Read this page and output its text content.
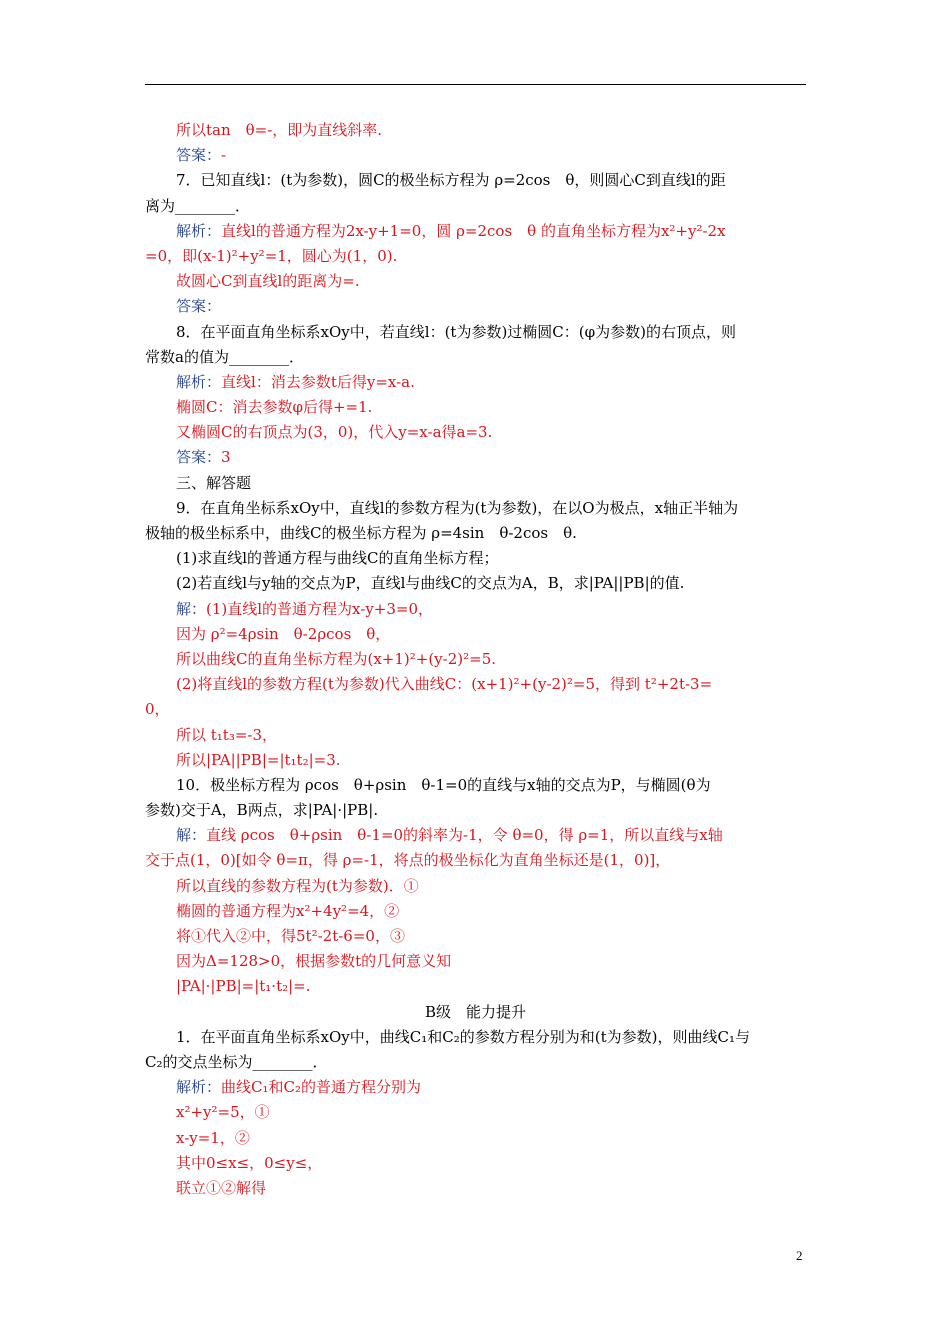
所以tan　θ=-，即为直线斜率.
答案：-
7．已知直线l：(t为参数)，圆C的极坐标方程为 ρ=2cos　θ，则圆心C到直线l的距
离为________．
解析：直线l的普通方程为2x-y+1=0，圆 ρ=2cos　θ 的直角坐标方程为x²+y²-2x
=0，即(x-1)²+y²=1，圆心为(1，0).
故圆心C到直线l的距离为=.
答案：
8．在平面直角坐标系xOy中，若直线l：(t为参数)过椭圆C：(φ为参数)的右顶点，则
常数a的值为________．
解析：直线l：消去参数t后得y=x-a.
椭圆C：消去参数φ后得+=1.
又椭圆C的右顶点为(3，0)，代入y=x-a得a=3.
答案：3
三、解答题
9．在直角坐标系xOy中，直线l的参数方程为(t为参数)，在以O为极点，x轴正半轴为
极轴的极坐标系中，曲线C的极坐标方程为 ρ=4sin　θ-2cos　θ.
(1)求直线l的普通方程与曲线C的直角坐标方程；
(2)若直线l与y轴的交点为P，直线l与曲线C的交点为A，B，求|PA||PB|的值.
解：(1)直线l的普通方程为x-y+3=0，
因为 ρ²=4ρsin　θ-2ρcos　θ，
所以曲线C的直角坐标方程为(x+1)²+(y-2)²=5.
(2)将直线l的参数方程(t为参数)代入曲线C：(x+1)²+(y-2)²=5，得到 t²+2t-3=
0，
所以 t₁t₃=-3，
所以|PA||PB|=|t₁t₂|=3.
10．极坐标方程为 ρcos　θ+ρsin　θ-1=0的直线与x轴的交点为P，与椭圆(θ为
参数)交于A，B两点，求|PA|·|PB|.
解：直线 ρcos　θ+ρsin　θ-1=0的斜率为-1，令 θ=0，得 ρ=1，所以直线与x轴
交于点(1，0)[如令 θ=π，得 ρ=-1，将点的极坐标化为直角坐标还是(1，0)]，
所以直线的参数方程为(t为参数)．①
椭圆的普通方程为x²+4y²=4，②
将①代入②中，得5t²-2t-6=0，③
因为Δ=128>0，根据参数t的几何意义知
|PA|·|PB|=|t₁·t₂|=.
B级　能力提升
1．在平面直角坐标系xOy中，曲线C₁和C₂的参数方程分别为和(t为参数)，则曲线C₁与
C₂的交点坐标为________．
解析：曲线C₁和C₂的普通方程分别为
x²+y²=5，①
x-y=1，②
其中0≤x≤，0≤y≤，
联立①②解得
2
